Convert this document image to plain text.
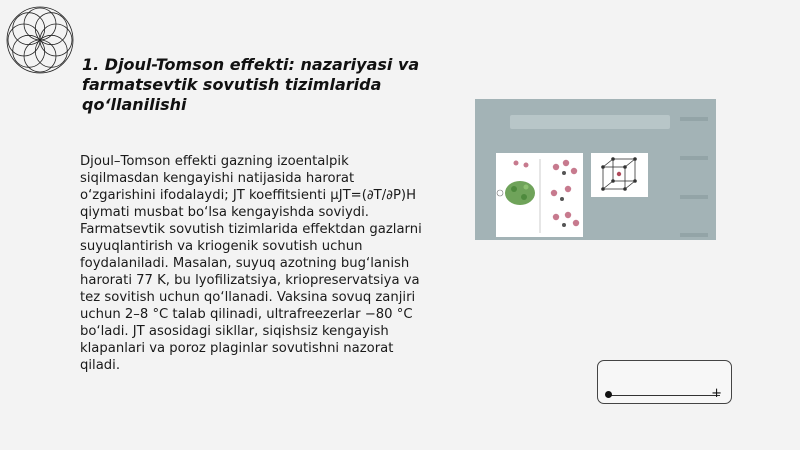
1. Djoul-Tomson effekti: nazariyasi va farmatsevtik sovutish tizimlarida qo‘llanilishi

Djoul–Tomson effekti gazning izoentalpik siqilmasdan kengayishi natijasida harorat o‘zgarishini ifodalaydi; JT koeffitsienti μJT=(∂T/∂P)H qiymati musbat bo‘lsa kengayishda soviydi. Farmatsevtik sovutish tizimlarida effektdan gazlarni suyuqlantirish va kriogenik sovutish uchun foydalaniladi. Masalan, suyuq azotning bug‘lanish harorati 77 K, bu lyofilizatsiya, kriopreservatsiya va tez sovitish uchun qo‘llanadi. Vaksina sovuq zanjiri uchun 2–8 °C talab qilinadi, ultrafreezerlar −80 °C bo‘ladi. JT asosidagi sikllar, siqishsiz kengayish klapanlari va poroz plaginlar sovutishni nazorat qiladi.

+
